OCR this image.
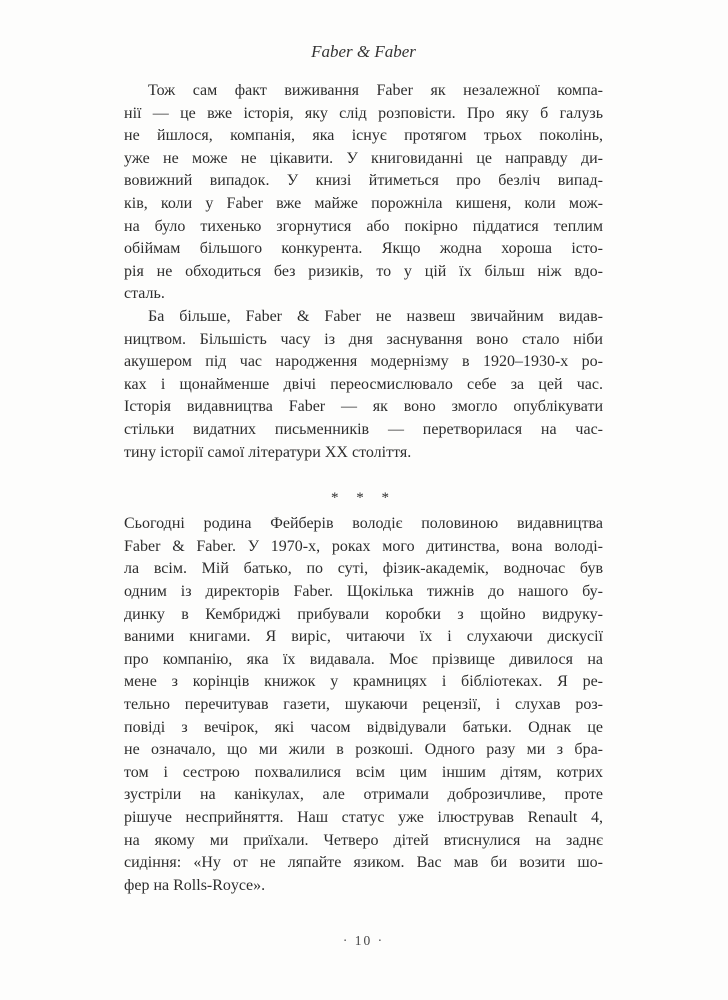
Faber & Faber
Тож сам факт виживання Faber як незалежної компа-
нії — це вже історія, яку слід розповісти. Про яку б галузь
не йшлося, компанія, яка існує протягом трьох поколінь,
уже не може не цікавити. У книговиданні це направду ди-
вовижний випадок. У книзі йтиметься про безліч випад-
ків, коли у Faber вже майже порожніла кишеня, коли мож-
на було тихенько згорнутися або покірно піддатися теплим
обіймам більшого конкурента. Якщо жодна хороша істо-
рія не обходиться без ризиків, то у цій їх більш ніж вдо-
сталь.
Ба більше, Faber & Faber не назвеш звичайним видав-
ництвом. Більшість часу із дня заснування воно стало ніби
акушером під час народження модернізму в 1920–1930-х ро-
ках і щонайменше двічі переосмислювало себе за цей час.
Історія видавництва Faber — як воно змогло опублікувати
стільки видатних письменників — перетворилася на час-
тину історії самої літератури XX століття.
* * *
Сьогодні родина Фейберів володіє половиною видавництва
Faber & Faber. У 1970-х, роках мого дитинства, вона володі-
ла всім. Мій батько, по суті, фізик-академік, водночас був
одним із директорів Faber. Щокілька тижнів до нашого бу-
динку в Кембриджі прибували коробки з щойно видруку-
ваними книгами. Я виріс, читаючи їх і слухаючи дискусії
про компанію, яка їх видавала. Моє прізвище дивилося на
мене з корінців книжок у крамницях і бібліотеках. Я ре-
тельно перечитував газети, шукаючи рецензії, і слухав роз-
повіді з вечірок, які часом відвідували батьки. Однак це
не означало, що ми жили в розкоші. Одного разу ми з бра-
том і сестрою похвалилися всім цим іншим дітям, котрих
зустріли на канікулах, але отримали доброзичливе, проте
рішуче несприйняття. Наш статус уже ілюстрував Renault 4,
на якому ми приїхали. Четверо дітей втиснулися на заднє
сидіння: «Ну от не ляпайте язиком. Вас мав би возити шо-
фер на Rolls-Royce».
· 10 ·
